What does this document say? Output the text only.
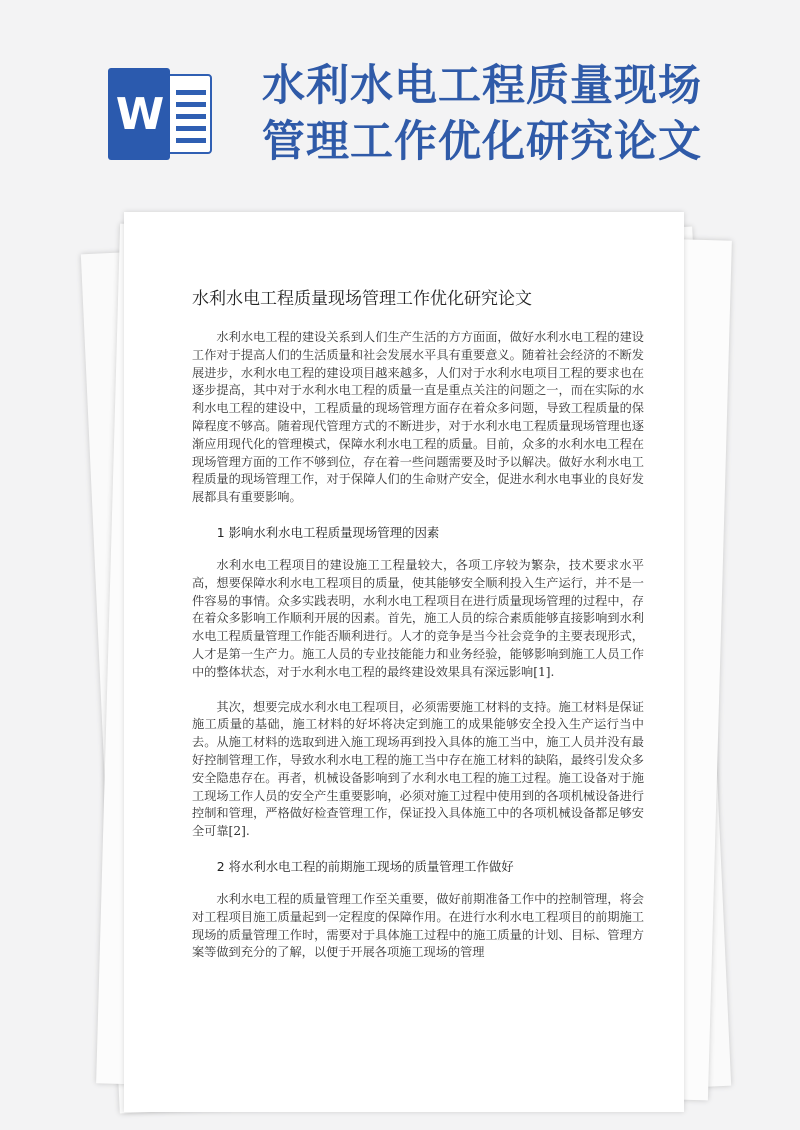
W
水利水电工程质量现场管理工作优化研究论文
水利水电工程质量现场管理工作优化研究论文

水利水电工程的建设关系到人们生产生活的方方面面，做好水利水电工程的建设工作对于提高人们的生活质量和社会发展水平具有重要意义。随着社会经济的不断发展进步，水利水电工程的建设项目越来越多，人们对于水利水电项目工程的要求也在逐步提高，其中对于水利水电工程的质量一直是重点关注的问题之一，而在实际的水利水电工程的建设中，工程质量的现场管理方面存在着众多问题，导致工程质量的保障程度不够高。随着现代管理方式的不断进步，对于水利水电工程质量现场管理也逐渐应用现代化的管理模式，保障水利水电工程的质量。目前，众多的水利水电工程在现场管理方面的工作不够到位，存在着一些问题需要及时予以解决。做好水利水电工程质量的现场管理工作，对于保障人们的生命财产安全，促进水利水电事业的良好发展都具有重要影响。

1 影响水利水电工程质量现场管理的因素

水利水电工程项目的建设施工工程量较大，各项工序较为繁杂，技术要求水平高，想要保障水利水电工程项目的质量，使其能够安全顺利投入生产运行，并不是一件容易的事情。众多实践表明，水利水电工程项目在进行质量现场管理的过程中，存在着众多影响工作顺利开展的因素。首先，施工人员的综合素质能够直接影响到水利水电工程质量管理工作能否顺利进行。人才的竞争是当今社会竞争的主要表现形式，人才是第一生产力。施工人员的专业技能能力和业务经验，能够影响到施工人员工作中的整体状态，对于水利水电工程的最终建设效果具有深远影响[1].

其次，想要完成水利水电工程项目，必须需要施工材料的支持。施工材料是保证施工质量的基础，施工材料的好坏将决定到施工的成果能够安全投入生产运行当中去。从施工材料的选取到进入施工现场再到投入具体的施工当中，施工人员并没有最好控制管理工作，导致水利水电工程的施工当中存在施工材料的缺陷，最终引发众多安全隐患存在。再者，机械设备影响到了水利水电工程的施工过程。施工设备对于施工现场工作人员的安全产生重要影响，必须对施工过程中使用到的各项机械设备进行控制和管理，严格做好检查管理工作，保证投入具体施工中的各项机械设备都足够安全可靠[2].

2 将水利水电工程的前期施工现场的质量管理工作做好

水利水电工程的质量管理工作至关重要，做好前期准备工作中的控制管理，将会对工程项目施工质量起到一定程度的保障作用。在进行水利水电工程项目的前期施工现场的质量管理工作时，需要对于具体施工过程中的施工质量的计划、目标、管理方案等做到充分的了解，以便于开展各项施工现场的管理
